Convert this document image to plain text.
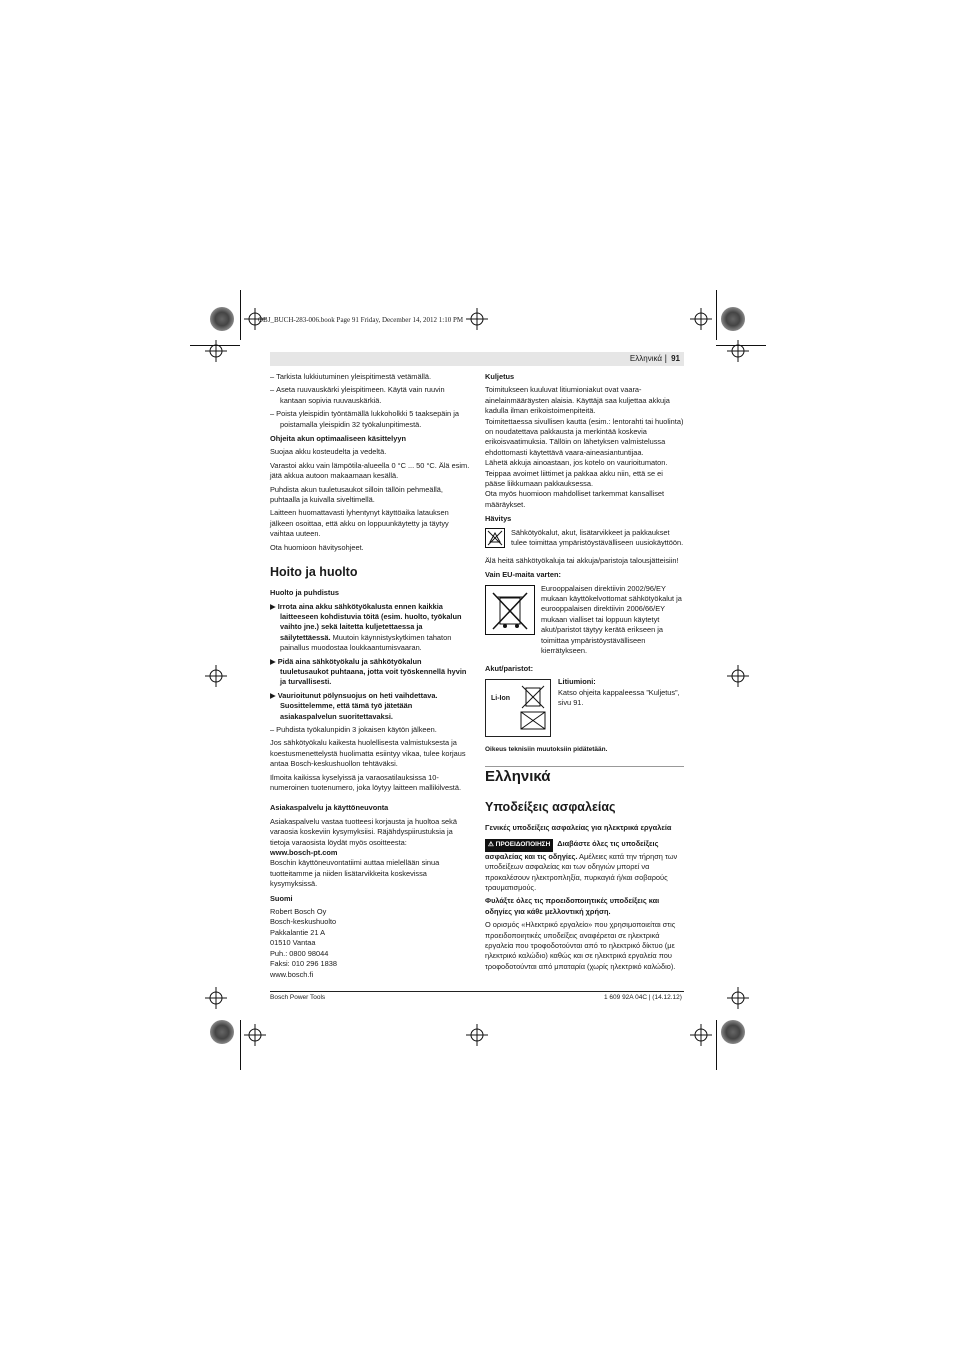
OBJ_BUCH-283-006.book Page 91 Friday, December 14, 2012 1:10 PM
Ελληνικά | 91

– Tarkista lukkiutuminen yleispitimestä vetämällä.

– Aseta ruuvauskärki yleispitimeen. Käytä vain ruuvin kantaan sopivia ruuvauskärkiä.

– Poista yleispidin työntämällä lukkoholkki 5 taaksepäin ja poistamalla yleispidin 32 työkalunpitimestä.

Ohjeita akun optimaaliseen käsittelyyn

Suojaa akku kosteudelta ja vedeltä.

Varastoi akku vain lämpötila-alueella 0 °C ... 50 °C. Älä esim. jätä akkua autoon makaamaan kesällä.

Puhdista akun tuuletusaukot silloin tällöin pehmeällä, puhtaalla ja kuivalla siveltimellä.

Laitteen huomattavasti lyhentynyt käyttöaika latauksen jälkeen osoittaa, että akku on loppuunkäytetty ja täytyy vaihtaa uuteen.

Ota huomioon hävitysohjeet.

Hoito ja huolto

Huolto ja puhdistus

▶ Irrota aina akku sähkötyökalusta ennen kaikkia laitteeseen kohdistuvia töitä (esim. huolto, työkalun vaihto jne.) sekä laitetta kuljetettaessa ja säilytettäessä. Muutoin käynnistyskytkimen tahaton painallus muodostaa loukkaantumisvaaran.

▶ Pidä aina sähkötyökalu ja sähkötyökalun tuuletusaukot puhtaana, jotta voit työskennellä hyvin ja turvallisesti.

▶ Vaurioitunut pölynsuojus on heti vaihdettava. Suosittelemme, että tämä työ jätetään asiakaspalvelun suoritettavaksi.

– Puhdista työkalunpidin 3 jokaisen käytön jälkeen.

Jos sähkötyökalu kaikesta huolellisesta valmistuksesta ja koestusmenettelystä huolimatta esiintyy vikaa, tulee korjaus antaa Bosch-keskushuollon tehtäväksi.

Ilmoita kaikissa kyselyissä ja varaosatilauksissa 10-numeroinen tuotenumero, joka löytyy laitteen mallikilvestä.

Asiakaspalvelu ja käyttöneuvonta

Asiakaspalvelu vastaa tuotteesi korjausta ja huoltoa sekä varaosia koskeviin kysymyksiisi. Räjähdyspiirustuksia ja tietoja varaosista löydät myös osoitteesta:

www.bosch-pt.com

Boschin käyttöneuvontatiimi auttaa mielellään sinua tuotteitamme ja niiden lisätarvikkeita koskevissa kysymyksissä.

Suomi

Robert Bosch Oy
Bosch-keskushuolto
Pakkalantie 21 A
01510 Vantaa
Puh.: 0800 98044
Faksi: 010 296 1838
www.bosch.fi

Kuljetus

Toimitukseen kuuluvat litiumioniakut ovat vaara-ainelainmääräysten alaisia. Käyttäjä saa kuljettaa akkuja kadulla ilman erikoistoimenpiteitä.

Toimitettaessa sivullisen kautta (esim.: lentorahti tai huolinta) on noudatettava pakkausta ja merkintää koskevia erikoisvaatimuksia. Tällöin on lähetyksen valmistelussa ehdottomasti käytettävä vaara-aineasiantuntijaa.

Lähetä akkuja ainoastaan, jos kotelo on vaurioitumaton. Teippaa avoimet liittimet ja pakkaa akku niin, että se ei pääse liikkumaan pakkauksessa.

Ota myös huomioon mahdolliset tarkemmat kansalliset määräykset.

Hävitys

Sähkötyökalut, akut, lisätarvikkeet ja pakkaukset tulee toimittaa ympäristöystävälliseen uusiokäyttöön.

Älä heitä sähkötyökaluja tai akkuja/paristoja talousjätteisiin!

Vain EU-maita varten:

Eurooppalaisen direktiivin 2002/96/EY mukaan käyttökelvottomat sähkötyökalut ja eurooppalaisen direktiivin 2006/66/EY mukaan vialliset tai loppuun käytetyt akut/paristot täytyy kerätä erikseen ja toimittaa ympäristöystävälliseen kierrätykseen.

Akut/paristot:

Li-Ion

Litiumioni:

Katso ohjeita kappaleessa ”Kuljetus”, sivu 91.

Oikeus teknisiin muutoksiin pidätetään.

Ελληνικά

Υποδείξεις ασφαλείας

Γενικές υποδείξεις ασφαλείας για ηλεκτρικά εργαλεία

⚠ ΠΡΟΕΙΔΟΠΟΙΗΣΗ Διαβάστε όλες τις υποδείξεις ασφαλείας και τις οδηγίες. Αμέλειες κατά την τήρηση των υποδείξεων ασφαλείας και των οδηγιών μπορεί να προκαλέσουν ηλεκτροπληξία, πυρκαγιά ή/και σοβαρούς τραυματισμούς.

Φυλάξτε όλες τις προειδοποιητικές υποδείξεις και οδηγίες για κάθε μελλοντική χρήση.

Ο ορισμός «Ηλεκτρικό εργαλείο» που χρησιμοποιείται στις προειδοποιητικές υποδείξεις αναφέρεται σε ηλεκτρικά εργαλεία που τροφοδοτούνται από το ηλεκτρικό δίκτυο (με ηλεκτρικό καλώδιο) καθώς και σε ηλεκτρικά εργαλεία που τροφοδοτούνται από μπαταρία (χωρίς ηλεκτρικό καλώδιο).

Bosch Power Tools	1 609 92A 04C | (14.12.12)
